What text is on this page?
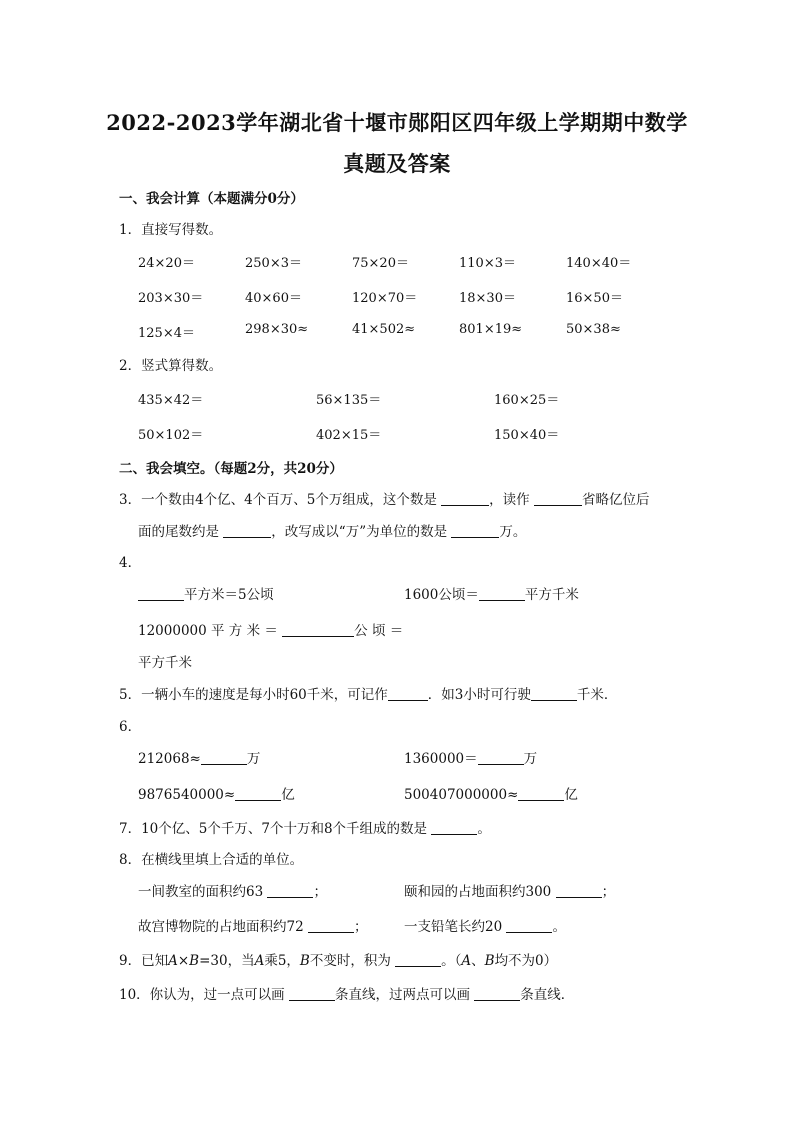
2022-2023学年湖北省十堰市郧阳区四年级上学期期中数学
真题及答案
一、我会计算（本题满分0分）
1．直接写得数。
24×20＝	250×3＝	75×20＝	110×3＝	140×40＝
203×30＝	40×60＝	120×70＝	18×30＝	16×50＝
125×4＝	298×30≈	41×502≈	801×19≈	50×38≈
2．竖式算得数。
435×42＝	56×135＝	160×25＝
50×102＝	402×15＝	150×40＝
二、我会填空。（每题2分，共20分）
3．一个数由4个亿、4个百万、5个万组成，这个数是	，读作	省略亿位后
面的尾数约是	，改写成以“万”为单位的数是	万。
4．
平方米＝5公顷	1600公顷＝	平方千米
12000000 平 方 米 ＝	公 顷 ＝
平方千米
5．一辆小车的速度是每小时60千米，可记作	．如3小时可行驶	千米．
6．
212068≈	万	1360000＝	万
9876540000≈	亿	500407000000≈	亿
7．10个亿、5个千万、7个十万和8个千组成的数是	。
8．在横线里填上合适的单位。
一间教室的面积约63	；	颐和园的占地面积约300	；
故宫博物院的占地面积约72	；	一支铅笔长约20	。
9．已知A×B=30，当A乘5，B不变时，积为	。（A、B均不为0）
10．你认为，过一点可以画	条直线，过两点可以画	条直线．
